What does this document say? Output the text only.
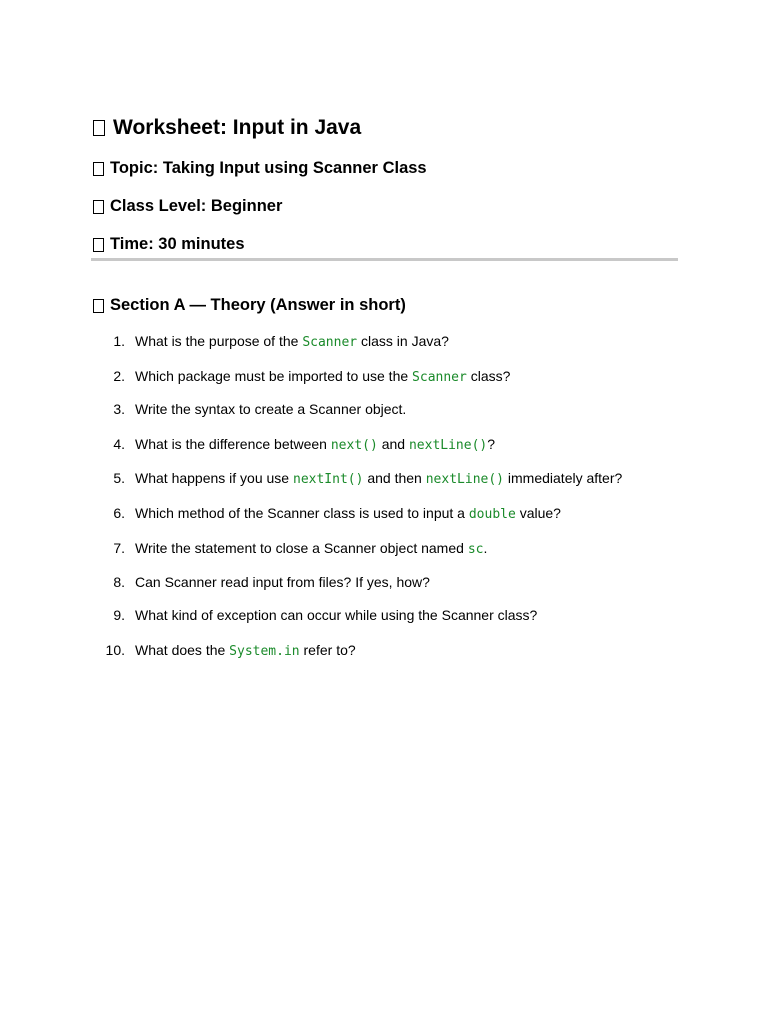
Worksheet: Input in Java
Topic: Taking Input using Scanner Class
Class Level: Beginner
Time: 30 minutes
Section A — Theory (Answer in short)
1. What is the purpose of the Scanner class in Java?
2. Which package must be imported to use the Scanner class?
3. Write the syntax to create a Scanner object.
4. What is the difference between next() and nextLine()?
5. What happens if you use nextInt() and then nextLine() immediately after?
6. Which method of the Scanner class is used to input a double value?
7. Write the statement to close a Scanner object named sc.
8. Can Scanner read input from files? If yes, how?
9. What kind of exception can occur while using the Scanner class?
10. What does the System.in refer to?
